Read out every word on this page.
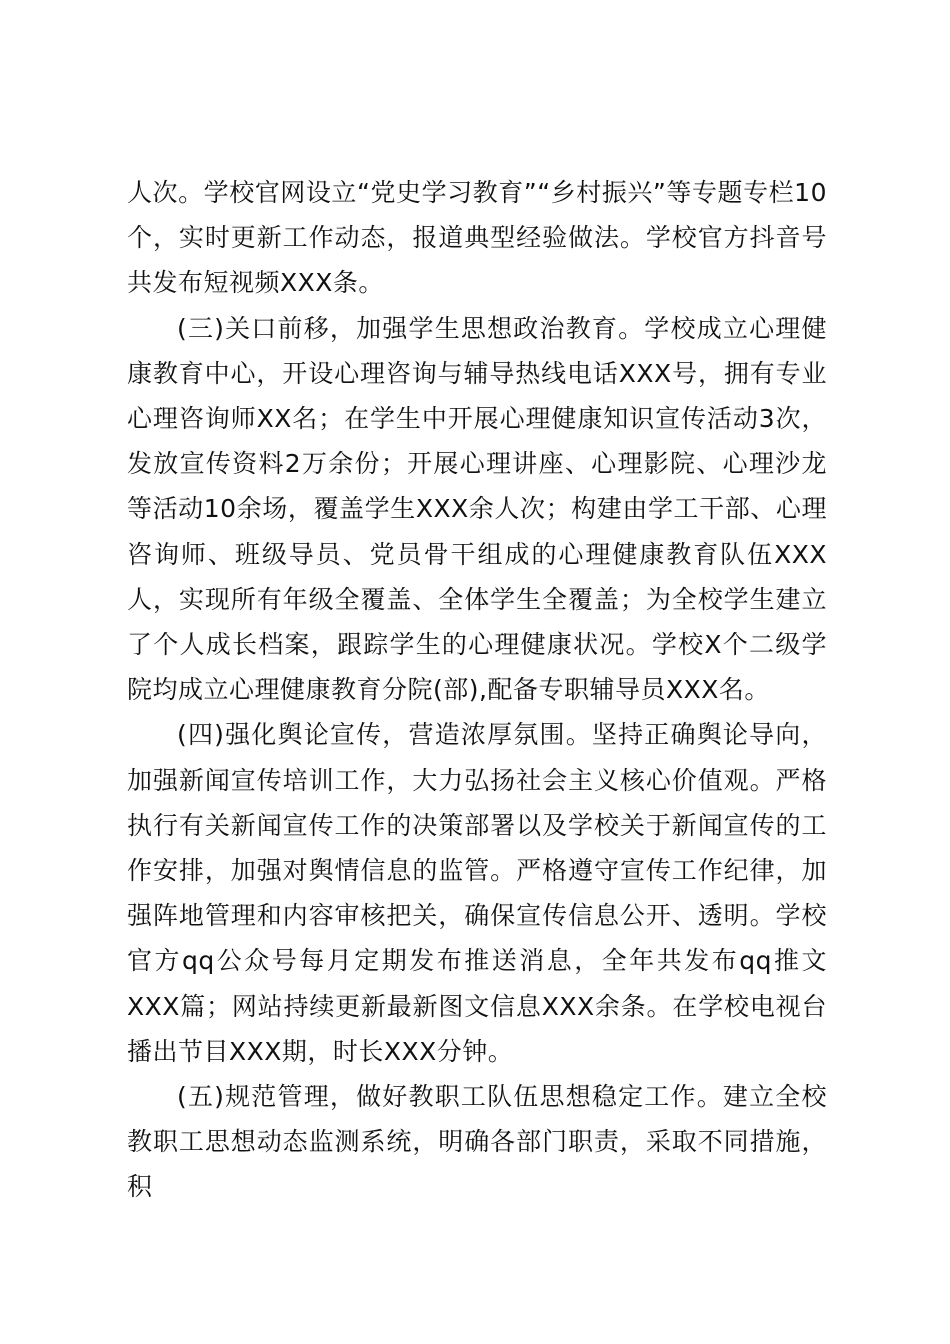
人次。学校官网设立“党史学习教育”“乡村振兴”等专题专栏10个，实时更新工作动态，报道典型经验做法。学校官方抖音号共发布短视频XXX条。

(三)关口前移，加强学生思想政治教育。学校成立心理健康教育中心，开设心理咨询与辅导热线电话XXX号，拥有专业心理咨询师XX名；在学生中开展心理健康知识宣传活动3次，发放宣传资料2万余份；开展心理讲座、心理影院、心理沙龙等活动10余场，覆盖学生XXX余人次；构建由学工干部、心理咨询师、班级导员、党员骨干组成的心理健康教育队伍XXX人，实现所有年级全覆盖、全体学生全覆盖；为全校学生建立了个人成长档案，跟踪学生的心理健康状况。学校X个二级学院均成立心理健康教育分院(部),配备专职辅导员XXX名。

(四)强化舆论宣传，营造浓厚氛围。坚持正确舆论导向，加强新闻宣传培训工作，大力弘扬社会主义核心价值观。严格执行有关新闻宣传工作的决策部署以及学校关于新闻宣传的工作安排，加强对舆情信息的监管。严格遵守宣传工作纪律，加强阵地管理和内容审核把关，确保宣传信息公开、透明。学校官方qq公众号每月定期发布推送消息，全年共发布qq推文XXX篇；网站持续更新最新图文信息XXX余条。在学校电视台播出节目XXX期，时长XXX分钟。

(五)规范管理，做好教职工队伍思想稳定工作。建立全校教职工思想动态监测系统，明确各部门职责，采取不同措施，积
